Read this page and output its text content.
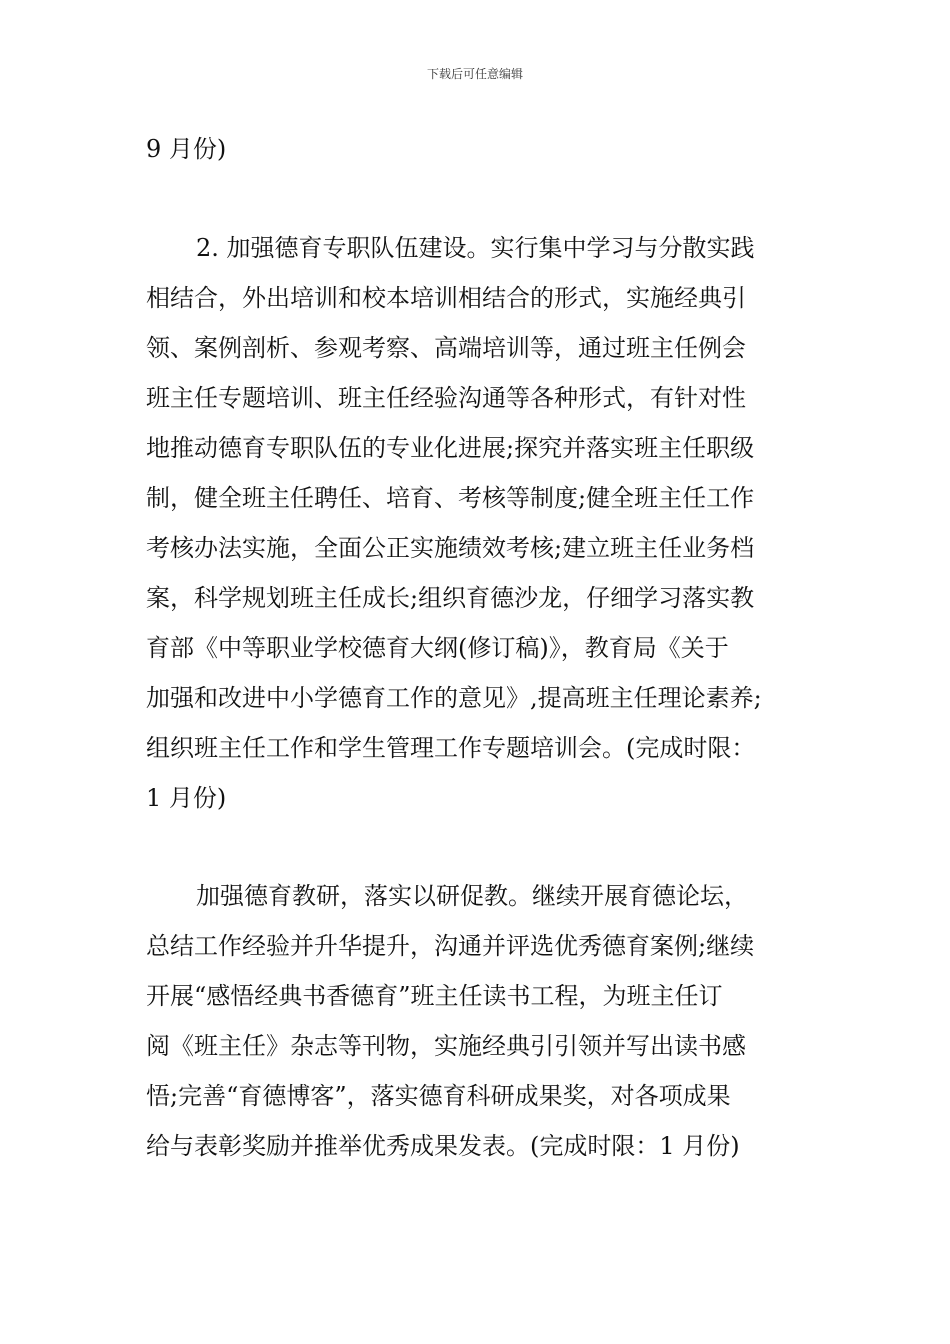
下载后可任意编辑
9 月份)
2. 加强德育专职队伍建设。实行集中学习与分散实践
相结合，外出培训和校本培训相结合的形式，实施经典引
领、案例剖析、参观考察、高端培训等，通过班主任例会
班主任专题培训、班主任经验沟通等各种形式，有针对性
地推动德育专职队伍的专业化进展;探究并落实班主任职级
制，健全班主任聘任、培育、考核等制度;健全班主任工作
考核办法实施，全面公正实施绩效考核;建立班主任业务档
案，科学规划班主任成长;组织育德沙龙，仔细学习落实教
育部《中等职业学校德育大纲(修订稿)》，教育局《关于
加强和改进中小学德育工作的意见》,提高班主任理论素养;
组织班主任工作和学生管理工作专题培训会。(完成时限：
1 月份)
加强德育教研，落实以研促教。继续开展育德论坛，
总结工作经验并升华提升，沟通并评选优秀德育案例;继续
开展“感悟经典书香德育”班主任读书工程，为班主任订
阅《班主任》杂志等刊物，实施经典引引领并写出读书感
悟;完善“育德博客”，落实德育科研成果奖，对各项成果
给与表彰奖励并推举优秀成果发表。(完成时限：1 月份)
